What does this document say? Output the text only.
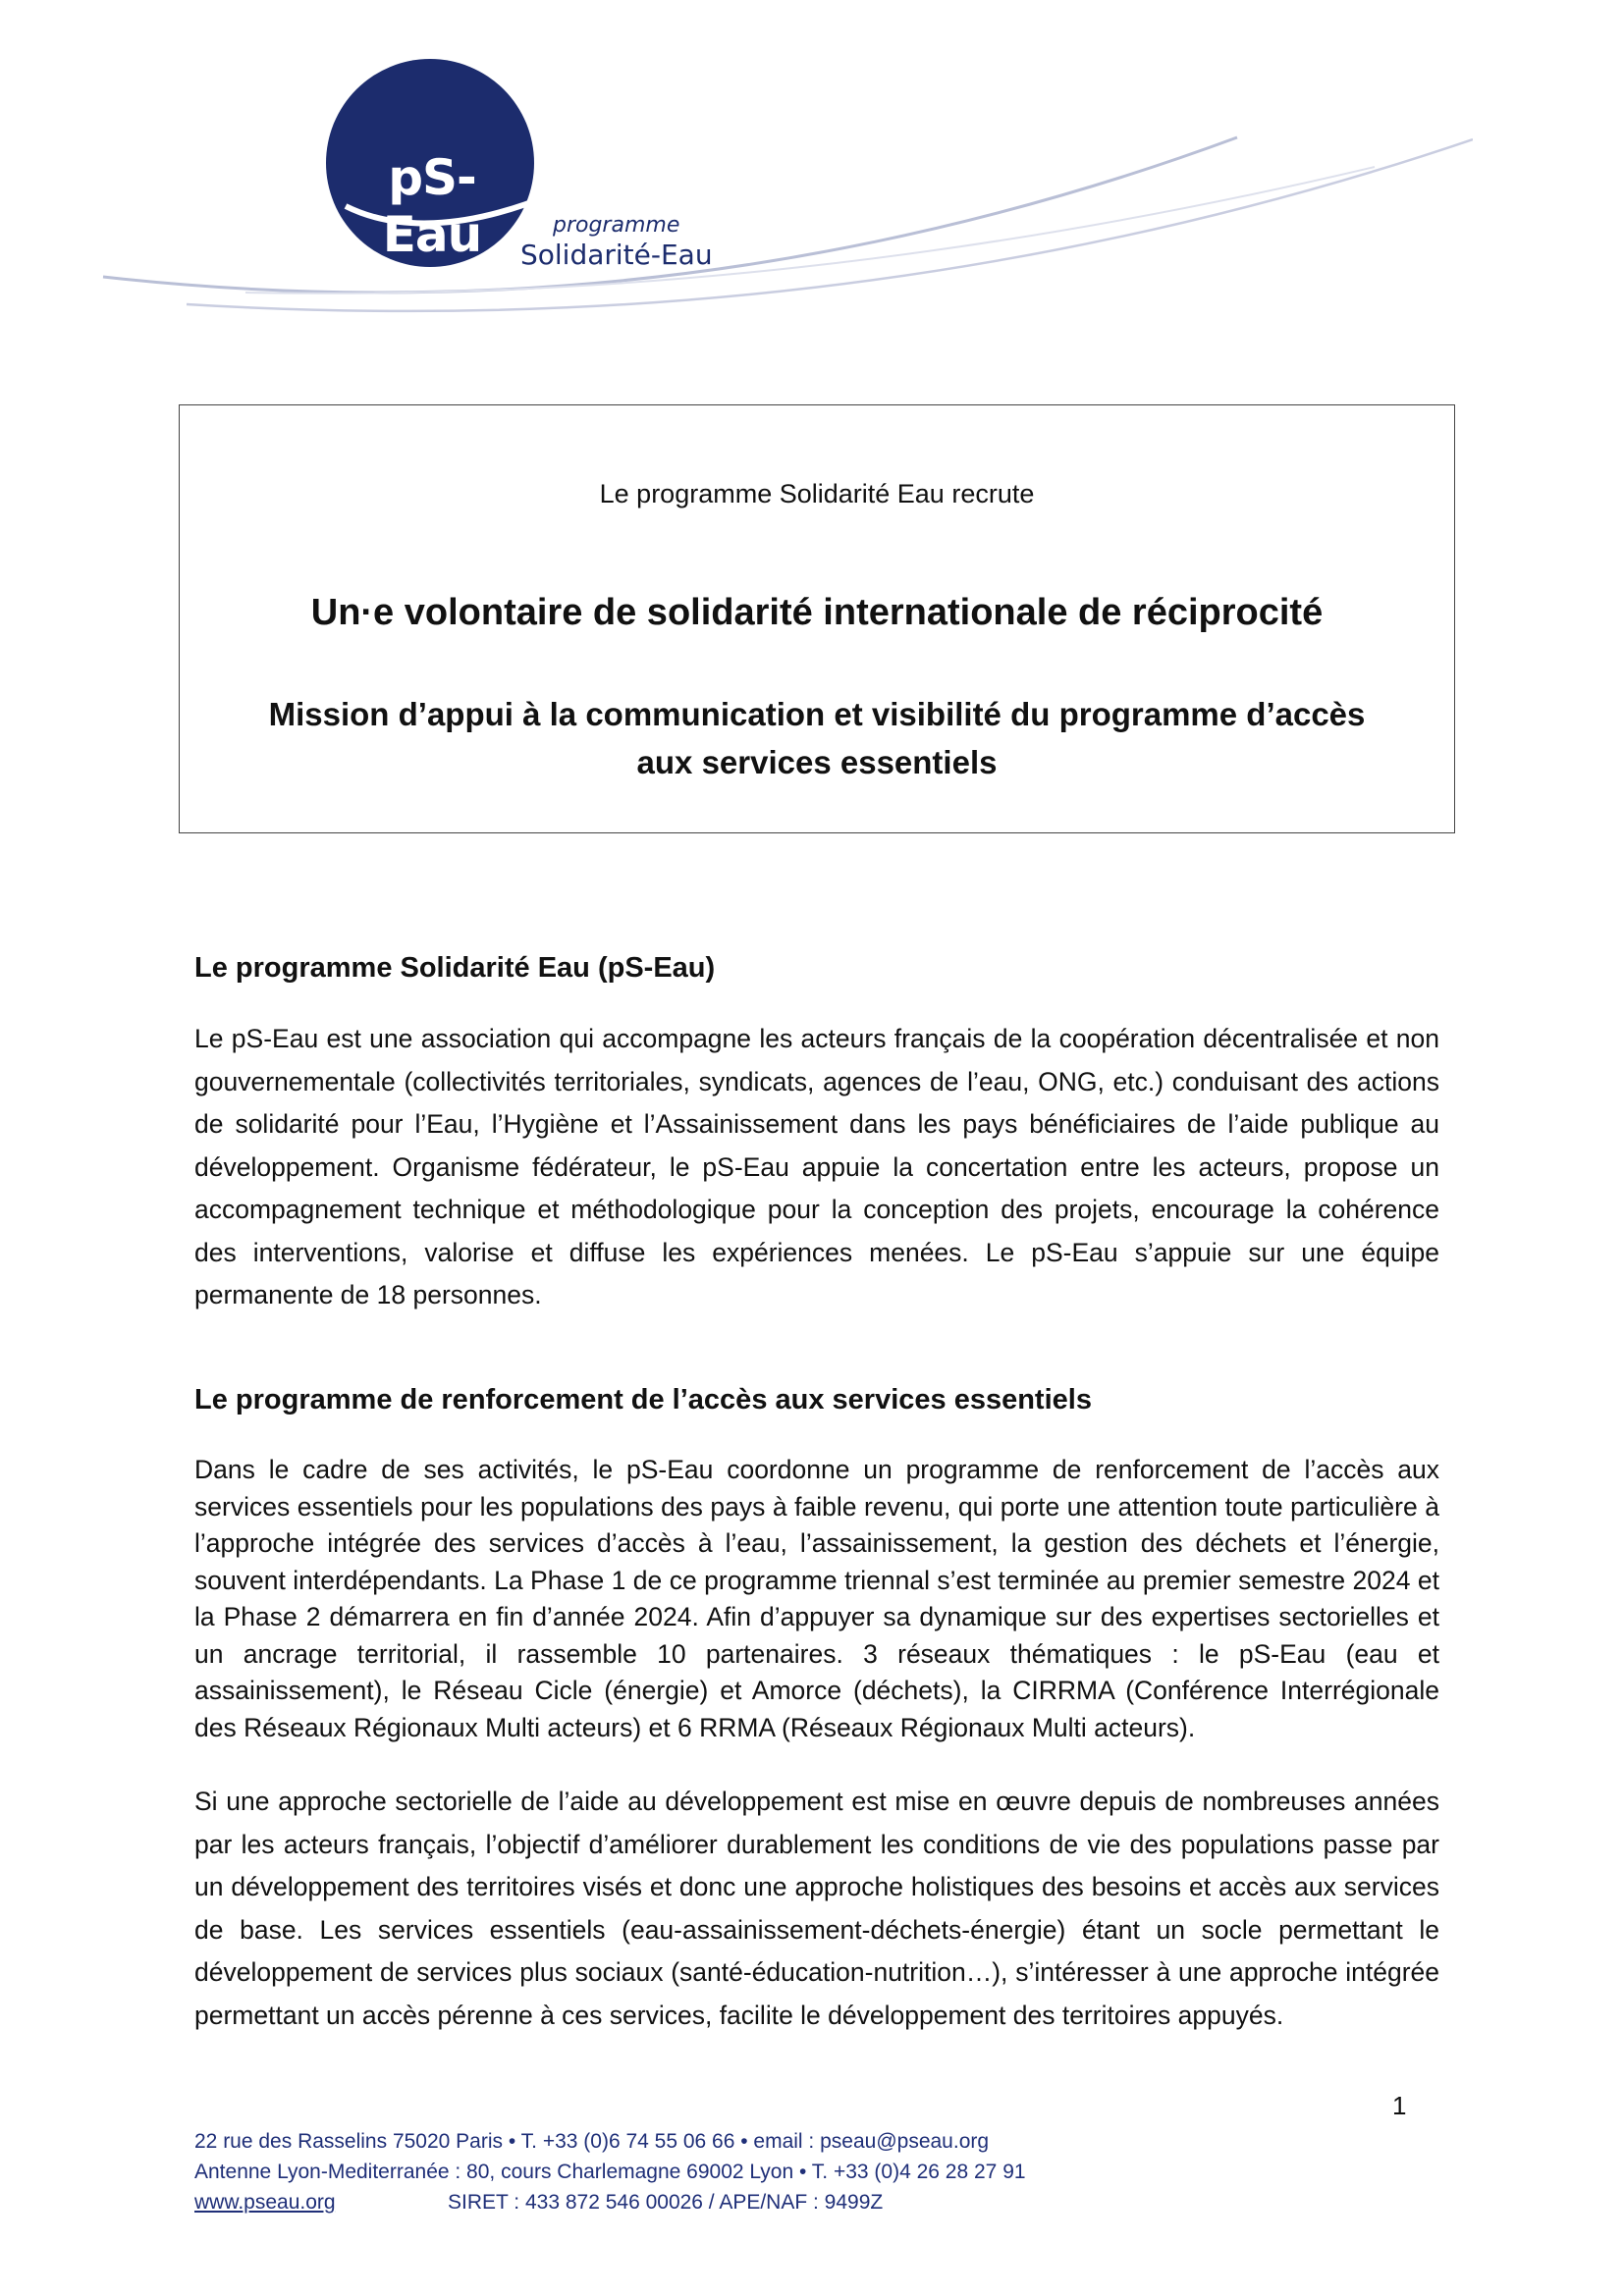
pS-Eau	programme
Solidarité-Eau
Le programme Solidarité Eau recrute
Un·e volontaire de solidarité internationale de réciprocité
Mission d’appui à la communication et visibilité du programme d’accès aux services essentiels
Le programme Solidarité Eau (pS-Eau)
Le pS-Eau est une association qui accompagne les acteurs français de la coopération décentralisée et non gouvernementale (collectivités territoriales, syndicats, agences de l’eau, ONG, etc.) conduisant des actions de solidarité pour l’Eau, l’Hygiène et l’Assainissement dans les pays bénéficiaires de l’aide publique au développement. Organisme fédérateur, le pS-Eau appuie la concertation entre les acteurs, propose un accompagnement technique et méthodologique pour la conception des projets, encourage la cohérence des interventions, valorise et diffuse les expériences menées. Le pS-Eau s’appuie sur une équipe permanente de 18 personnes.
Le programme de renforcement de l’accès aux services essentiels
Dans le cadre de ses activités, le pS-Eau coordonne un programme de renforcement de l’accès aux services essentiels pour les populations des pays à faible revenu, qui porte une attention toute particulière à l’approche intégrée des services d’accès à l’eau, l’assainissement, la gestion des déchets et l’énergie, souvent interdépendants. La Phase 1 de ce programme triennal s’est terminée au premier semestre 2024 et la Phase 2 démarrera en fin d’année 2024. Afin d’appuyer sa dynamique sur des expertises sectorielles et un ancrage territorial, il rassemble 10 partenaires. 3 réseaux thématiques : le pS-Eau (eau et assainissement), le Réseau Cicle (énergie) et Amorce (déchets), la CIRRMA (Conférence Interrégionale des Réseaux Régionaux Multi acteurs) et 6 RRMA (Réseaux Régionaux Multi acteurs).
Si une approche sectorielle de l’aide au développement est mise en œuvre depuis de nombreuses années par les acteurs français, l’objectif d’améliorer durablement les conditions de vie des populations passe par un développement des territoires visés et donc une approche holistiques des besoins et accès aux services de base. Les services essentiels (eau-assainissement-déchets-énergie) étant un socle permettant le développement de services plus sociaux (santé-éducation-nutrition…), s’intéresser à une approche intégrée permettant un accès pérenne à ces services, facilite le développement des territoires appuyés.
1
22 rue des Rasselins 75020 Paris • T. +33 (0)6 74 55 06 66 • email : pseau@pseau.org
Antenne Lyon-Mediterranée : 80, cours Charlemagne 69002 Lyon • T. +33 (0)4 26 28 27 91
www.pseau.org	SIRET : 433 872 546 00026 / APE/NAF : 9499Z
